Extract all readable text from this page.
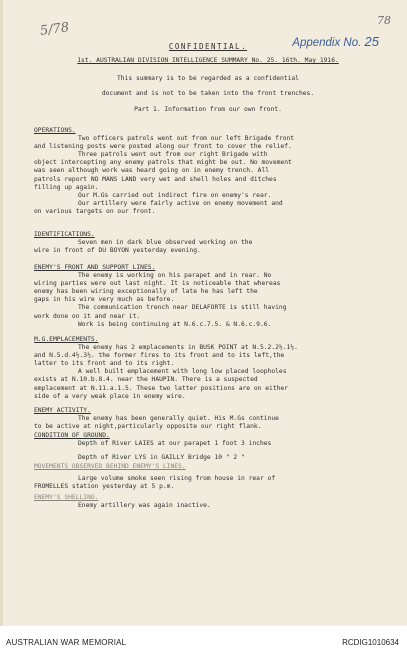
5/78	78
Appendix No. 25
CONFIDENTIAL.
1st. AUSTRALIAN DIVISION INTELLIGENCE SUMMARY No. 25. 16th. May 1916.
This summary is to be regarded as a confidential
document and is not to be taken into the front trenches.
Part 1. Information from our own front.

OPERATIONS.

Two officers patrols went out from our left Brigade front

and listening posts were posted along our front to cover the relief.

Three patrols went out from our right Brigade with

object intercepting any enemy patrols that might be out. No movement

was seen although work was heard going on in enemy trench. All

patrols report NO MANS LAND very wet and shell holes and ditches

filling up again.

Our M.Gs carried out indirect fire on enemy's rear.

Our artillery were fairly active on enemy movement and

on various targets on our front.

IDENTIFICATIONS.

Seven men in dark blue observed working on the

wire in front of DU BOYON yesterday evening.

ENEMY'S FRONT AND SUPPORT LINES.

The enemy is working on his parapet and in rear. No

wiring parties were out last night. It is noticeable that whereas

enemy has been wiring exceptionally of late he has left the

gaps in his wire very much as before.

The communication trench near DELAFORTE is still having

work done on it and near it.

Work is being continuing at N.6.c.7.5. & N.6.c.9.6.

M.G.EMPLACEMENTS.

The enemy has 2 emplacements in BUSK POINT at N.5.2.2½.1½.

and N.5.d.4½.3½. the former fires to its front and to its left,the

latter to its front and to its right.

A well built emplacement with long low placed loopholes

exists at N.10.b.8.4. near the HAUPIN. There is a suspected

emplacement at N.11.a.1.5. These two latter positions are on either

side of a very weak place in enemy wire.

ENEMY ACTIVITY.

The enemy has been generally quiet. His M.Gs continue

to be active at night,particularly opposite our right flank.

CONDITION OF GROUND.

Depth of River LAIES at our parapet 1 foot 3 inches

Depth of River LYS in GAILLY Bridge 10 " 2 "

MOVEMENTS OBSERVED BEHIND ENEMY'S LINES.

Large volume smoke seen rising from house in rear of

FROMELLES station yesterday at 5 p.m.

ENEMY'S SHELLING.

Enemy artillery was again inactive.

AUSTRALIAN WAR MEMORIAL	RCDIG1010634
